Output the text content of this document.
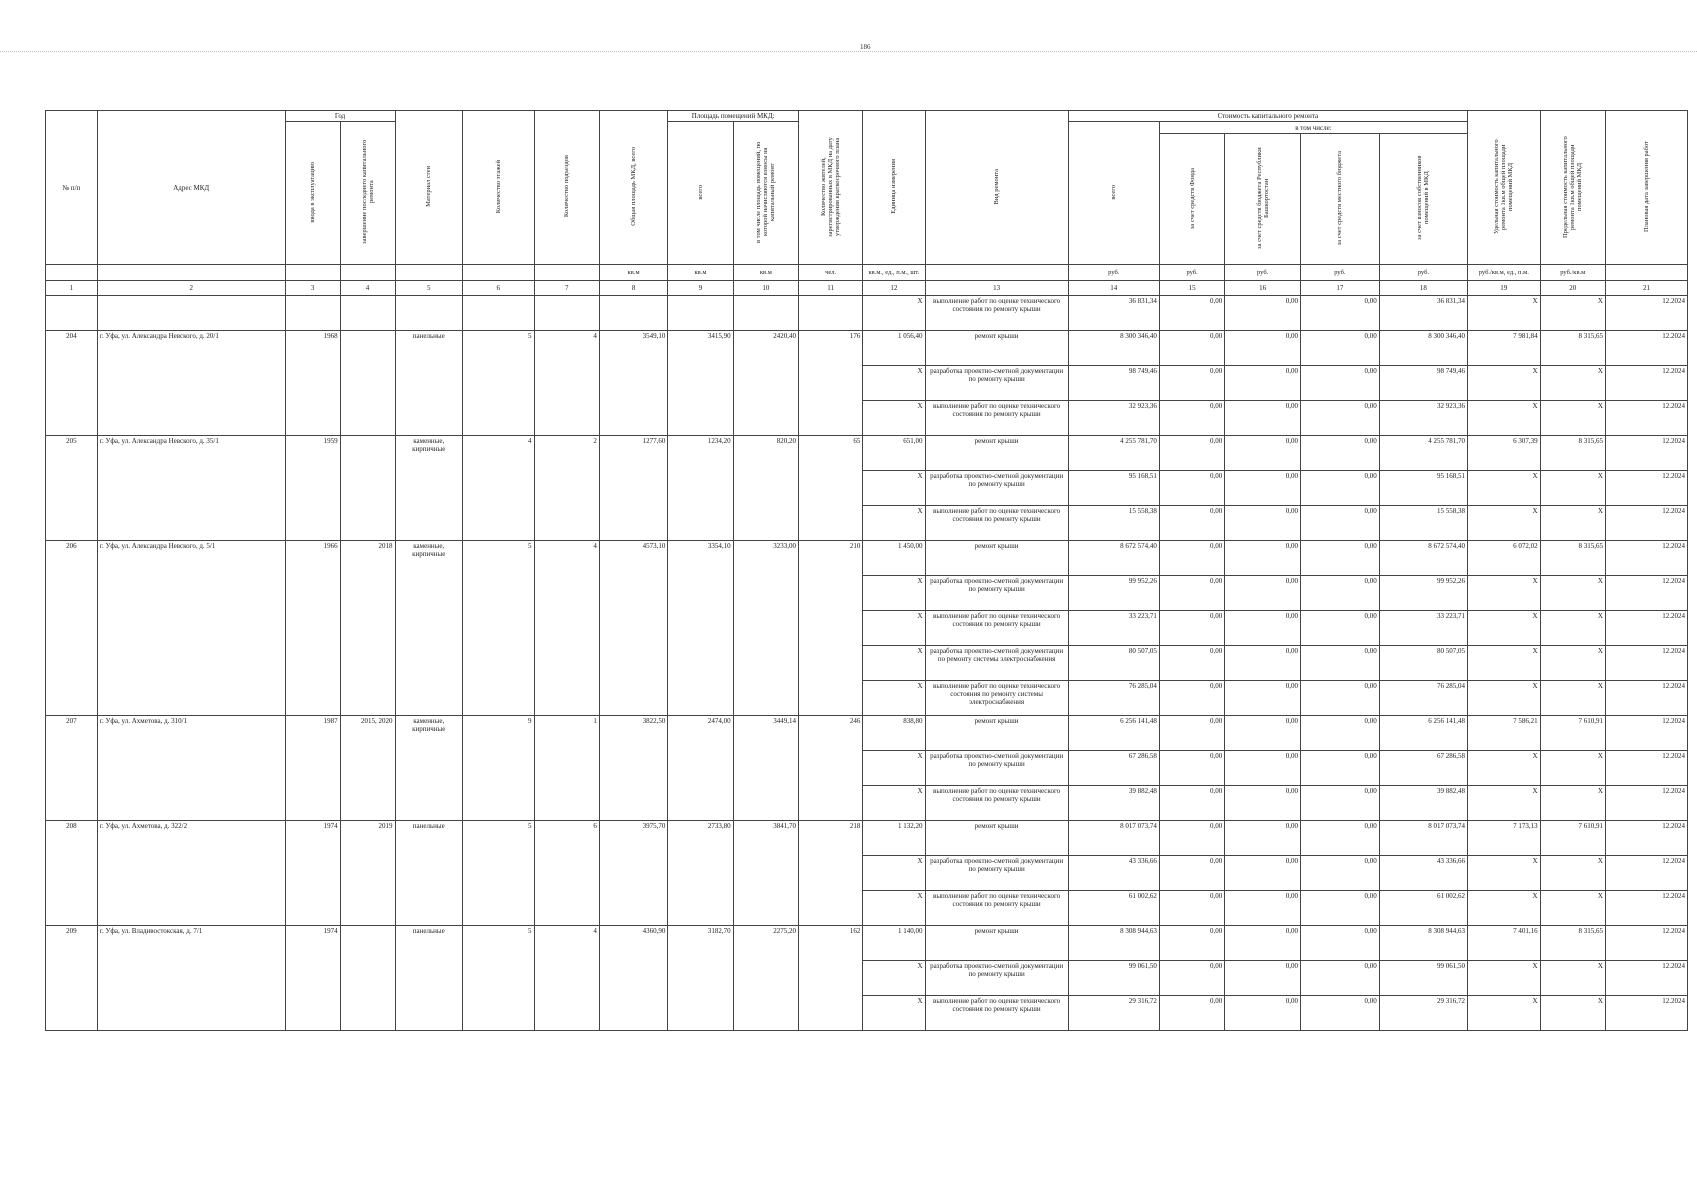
186
№ п/п	Адрес МКД	Год		Материал стен	Количество этажей	Количество подъездов	Общая площадь МКД, всего	Площадь помещений МКД:		Количество жителей, зарегистрированных в МКД на дату утверждения краткосрочного плана	Единица измерения	Вид ремонта	Стоимость капитального ремонта					Удельная стоимость капитального ремонта 1кв.м общей площади помещений МКД	Предельная стоимость капитального ремонта 1кв.м общей площади помещений МКД	Плановая дата завершения работ
		ввода в эксплуатацию	завершение последнего капитального ремонта					всего	в том числе площадь помещений, по которой начисляются взносы на капитальный ремонт				всего	в том числе:						
														за счет средств Фонда	за счет средств бюджета Республики Башкортостан	за счет средств местного бюджета	за счет взносов собственников помещений в МКД			
							кв.м	кв.м	кв.м	чел.	кв.м., ед., п.м., шт.		руб.	руб.	руб.	руб.	руб.	руб./кв.м, ед., п.м.	руб./кв.м	
1	2	3	4	5	6	7	8	9	10	11	12	13	14	15	16	17	18	19	20	21
											X	выполнение работ по оценке технического состояния по ремонту крыши	36 831,34	0,00	0,00	0,00	36 831,34	X	X	12.2024
204	г. Уфа, ул. Александра Невского, д. 20/1	1968		панельные	5	4	3549,10	3415,90	2420,40	176	1 056,40	ремонт крыши	8 300 346,40	0,00	0,00	0,00	8 300 346,40	7 981,84	8 315,65	12.2024
											X	разработка проектно-сметной документации по ремонту крыши	98 749,46	0,00	0,00	0,00	98 749,46	X	X	12.2024
											X	выполнение работ по оценке технического состояния по ремонту крыши	32 923,36	0,00	0,00	0,00	32 923,36	X	X	12.2024
205	г. Уфа, ул. Александра Невского, д. 35/1	1959		каменные, кирпичные	4	2	1277,60	1234,20	820,20	65	651,00	ремонт крыши	4 255 781,70	0,00	0,00	0,00	4 255 781,70	6 307,39	8 315,65	12.2024
											X	разработка проектно-сметной документации по ремонту крыши	95 168,51	0,00	0,00	0,00	95 168,51	X	X	12.2024
											X	выполнение работ по оценке технического состояния по ремонту крыши	15 558,38	0,00	0,00	0,00	15 558,38	X	X	12.2024
206	г. Уфа, ул. Александра Невского, д. 5/1	1966	2018	каменные, кирпичные	5	4	4573,10	3354,10	3233,00	210	1 450,00	ремонт крыши	8 672 574,40	0,00	0,00	0,00	8 672 574,40	6 072,02	8 315,65	12.2024
											X	разработка проектно-сметной документации по ремонту крыши	99 952,26	0,00	0,00	0,00	99 952,26	X	X	12.2024
											X	выполнение работ по оценке технического состояния по ремонту крыши	33 223,71	0,00	0,00	0,00	33 223,71	X	X	12.2024
											X	разработка проектно-сметной документации по ремонту системы электроснабжения	80 507,05	0,00	0,00	0,00	80 507,05	X	X	12.2024
											X	выполнение работ по оценке технического состояния по ремонту системы электроснабжения	76 285,04	0,00	0,00	0,00	76 285,04	X	X	12.2024
207	г. Уфа, ул. Ахметова, д. 310/1	1987	2015, 2020	каменные, кирпичные	9	1	3822,50	2474,00	3449,14	246	838,80	ремонт крыши	6 256 141,48	0,00	0,00	0,00	6 256 141,48	7 586,21	7 610,91	12.2024
											X	разработка проектно-сметной документации по ремонту крыши	67 286,58	0,00	0,00	0,00	67 286,58	X	X	12.2024
											X	выполнение работ по оценке технического состояния по ремонту крыши	39 882,48	0,00	0,00	0,00	39 882,48	X	X	12.2024
208	г. Уфа, ул. Ахметова, д. 322/2	1974	2019	панельные	5	6	3975,70	2733,80	3841,70	218	1 132,20	ремонт крыши	8 017 073,74	0,00	0,00	0,00	8 017 073,74	7 173,13	7 610,91	12.2024
											X	разработка проектно-сметной документации по ремонту крыши	43 336,66	0,00	0,00	0,00	43 336,66	X	X	12.2024
											X	выполнение работ по оценке технического состояния по ремонту крыши	61 002,62	0,00	0,00	0,00	61 002,62	X	X	12.2024
209	г. Уфа, ул. Владивостокская, д. 7/1	1974		панельные	5	4	4360,90	3182,70	2275,20	162	1 140,00	ремонт крыши	8 308 944,63	0,00	0,00	0,00	8 308 944,63	7 401,16	8 315,65	12.2024
											X	разработка проектно-сметной документации по ремонту крыши	99 061,50	0,00	0,00	0,00	99 061,50	X	X	12.2024
											X	выполнение работ по оценке технического состояния по ремонту крыши	29 316,72	0,00	0,00	0,00	29 316,72	X	X	12.2024
